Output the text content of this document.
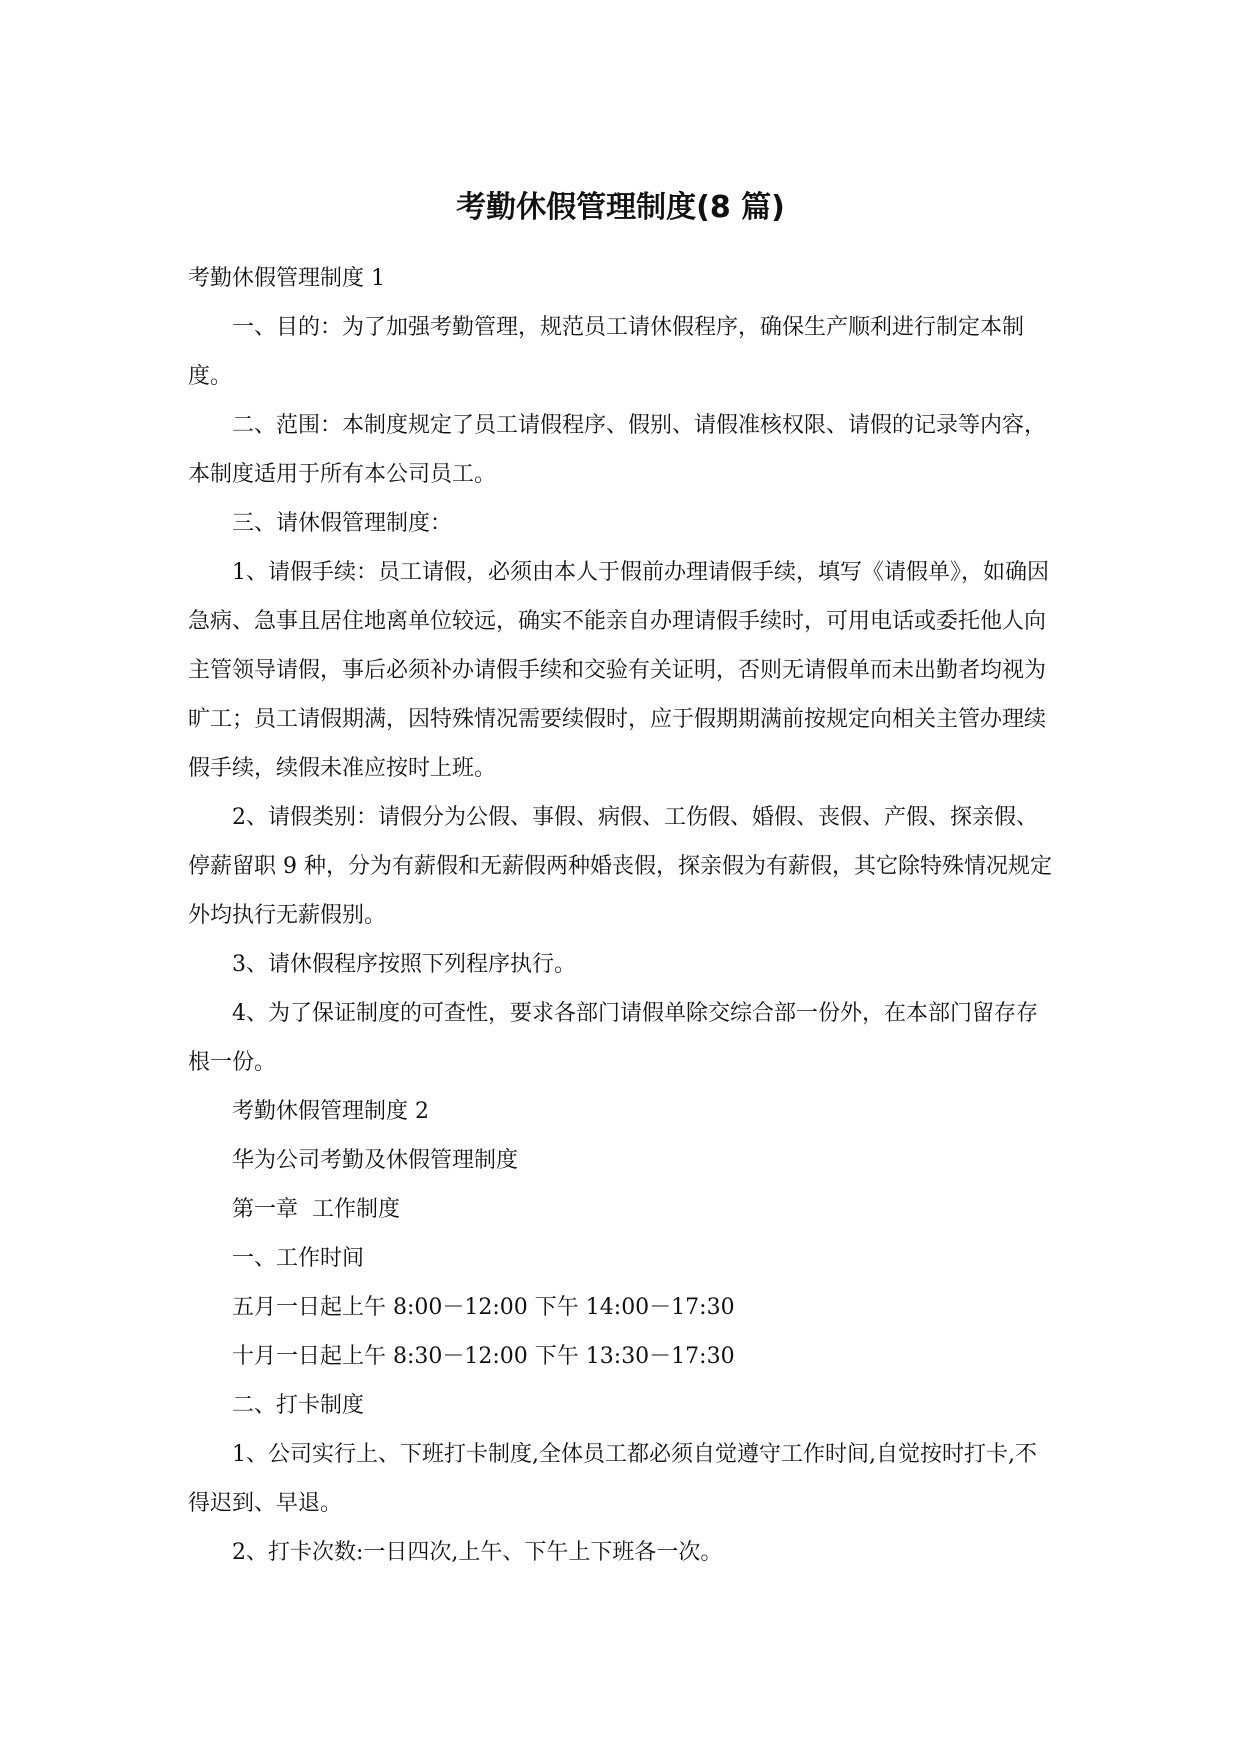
考勤休假管理制度(8 篇)

考勤休假管理制度 1

一、目的：为了加强考勤管理，规范员工请休假程序，确保生产顺利进行制定本制度。

二、范围：本制度规定了员工请假程序、假别、请假准核权限、请假的记录等内容，本制度适用于所有本公司员工。

三、请休假管理制度：

1、请假手续：员工请假，必须由本人于假前办理请假手续，填写《请假单》，如确因急病、急事且居住地离单位较远，确实不能亲自办理请假手续时，可用电话或委托他人向主管领导请假，事后必须补办请假手续和交验有关证明，否则无请假单而未出勤者均视为旷工；员工请假期满，因特殊情况需要续假时，应于假期期满前按规定向相关主管办理续假手续，续假未准应按时上班。

2、请假类别：请假分为公假、事假、病假、工伤假、婚假、丧假、产假、探亲假、停薪留职 9 种，分为有薪假和无薪假两种婚丧假，探亲假为有薪假，其它除特殊情况规定外均执行无薪假别。

3、请休假程序按照下列程序执行。

4、为了保证制度的可查性，要求各部门请假单除交综合部一份外，在本部门留存存根一份。

考勤休假管理制度 2

华为公司考勤及休假管理制度

第一章  工作制度

一、工作时间

五月一日起上午 8:00－12:00 下午 14:00－17:30

十月一日起上午 8:30－12:00 下午 13:30－17:30

二、打卡制度

1、公司实行上、下班打卡制度,全体员工都必须自觉遵守工作时间,自觉按时打卡,不得迟到、早退。

2、打卡次数:一日四次,上午、下午上下班各一次。
